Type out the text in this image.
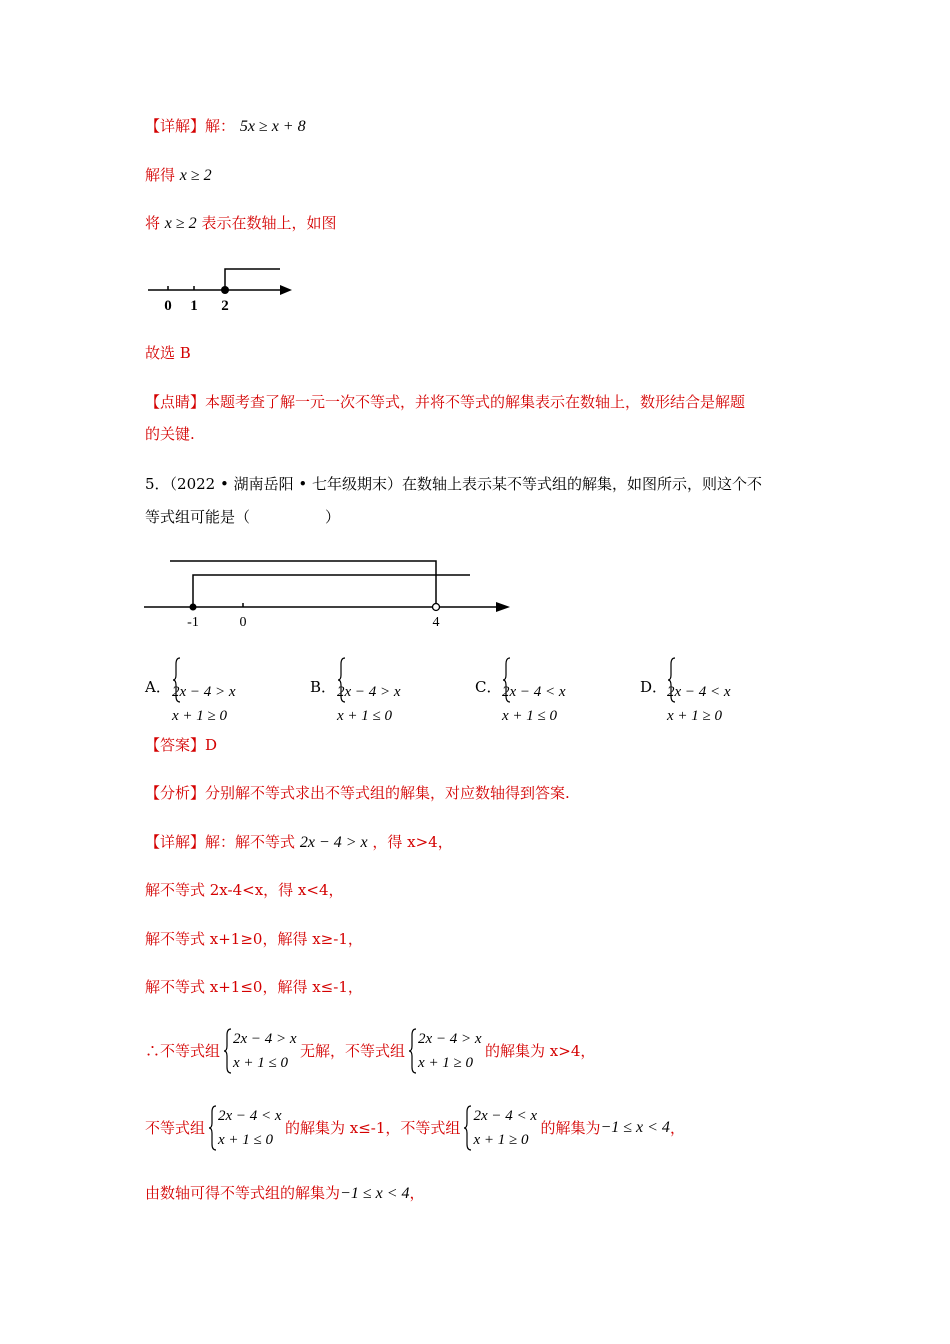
【详解】解： 5x ≥ x + 8
解得 x ≥ 2
将 x ≥ 2 表示在数轴上，如图
0 1 2
故选 B
【点睛】本题考查了解一元一次不等式，并将不等式的解集表示在数轴上，数形结合是解题
的关键.
5．（2022 • 湖南岳阳 • 七年级期末）在数轴上表示某不等式组的解集，如图所示，则这个不
等式组可能是（　　　　　）
-1	0	4
A． 2x − 4 > x
x + 1 ≥ 0
B． 2x − 4 > x
x + 1 ≤ 0
C． 2x − 4 < x
x + 1 ≤ 0
D． 2x − 4 < x
x + 1 ≥ 0
【答案】D
【分析】分别解不等式求出不等式组的解集，对应数轴得到答案.
【详解】解：解不等式 2x − 4 > x ，得 x>4，
解不等式 2x-4<x，得 x<4，
解不等式 x+1≥0，解得 x≥-1，
解不等式 x+1≤0，解得 x≤-1，
∴不等式组
2x − 4 > x
x + 1 ≤ 0
无解，不等式组
2x − 4 > x
x + 1 ≥ 0
的解集为 x>4，
不等式组
2x − 4 < x
x + 1 ≤ 0
的解集为 x≤-1，不等式组
2x − 4 < x
x + 1 ≥ 0
的解集为−1 ≤ x < 4，
由数轴可得不等式组的解集为−1 ≤ x < 4，
